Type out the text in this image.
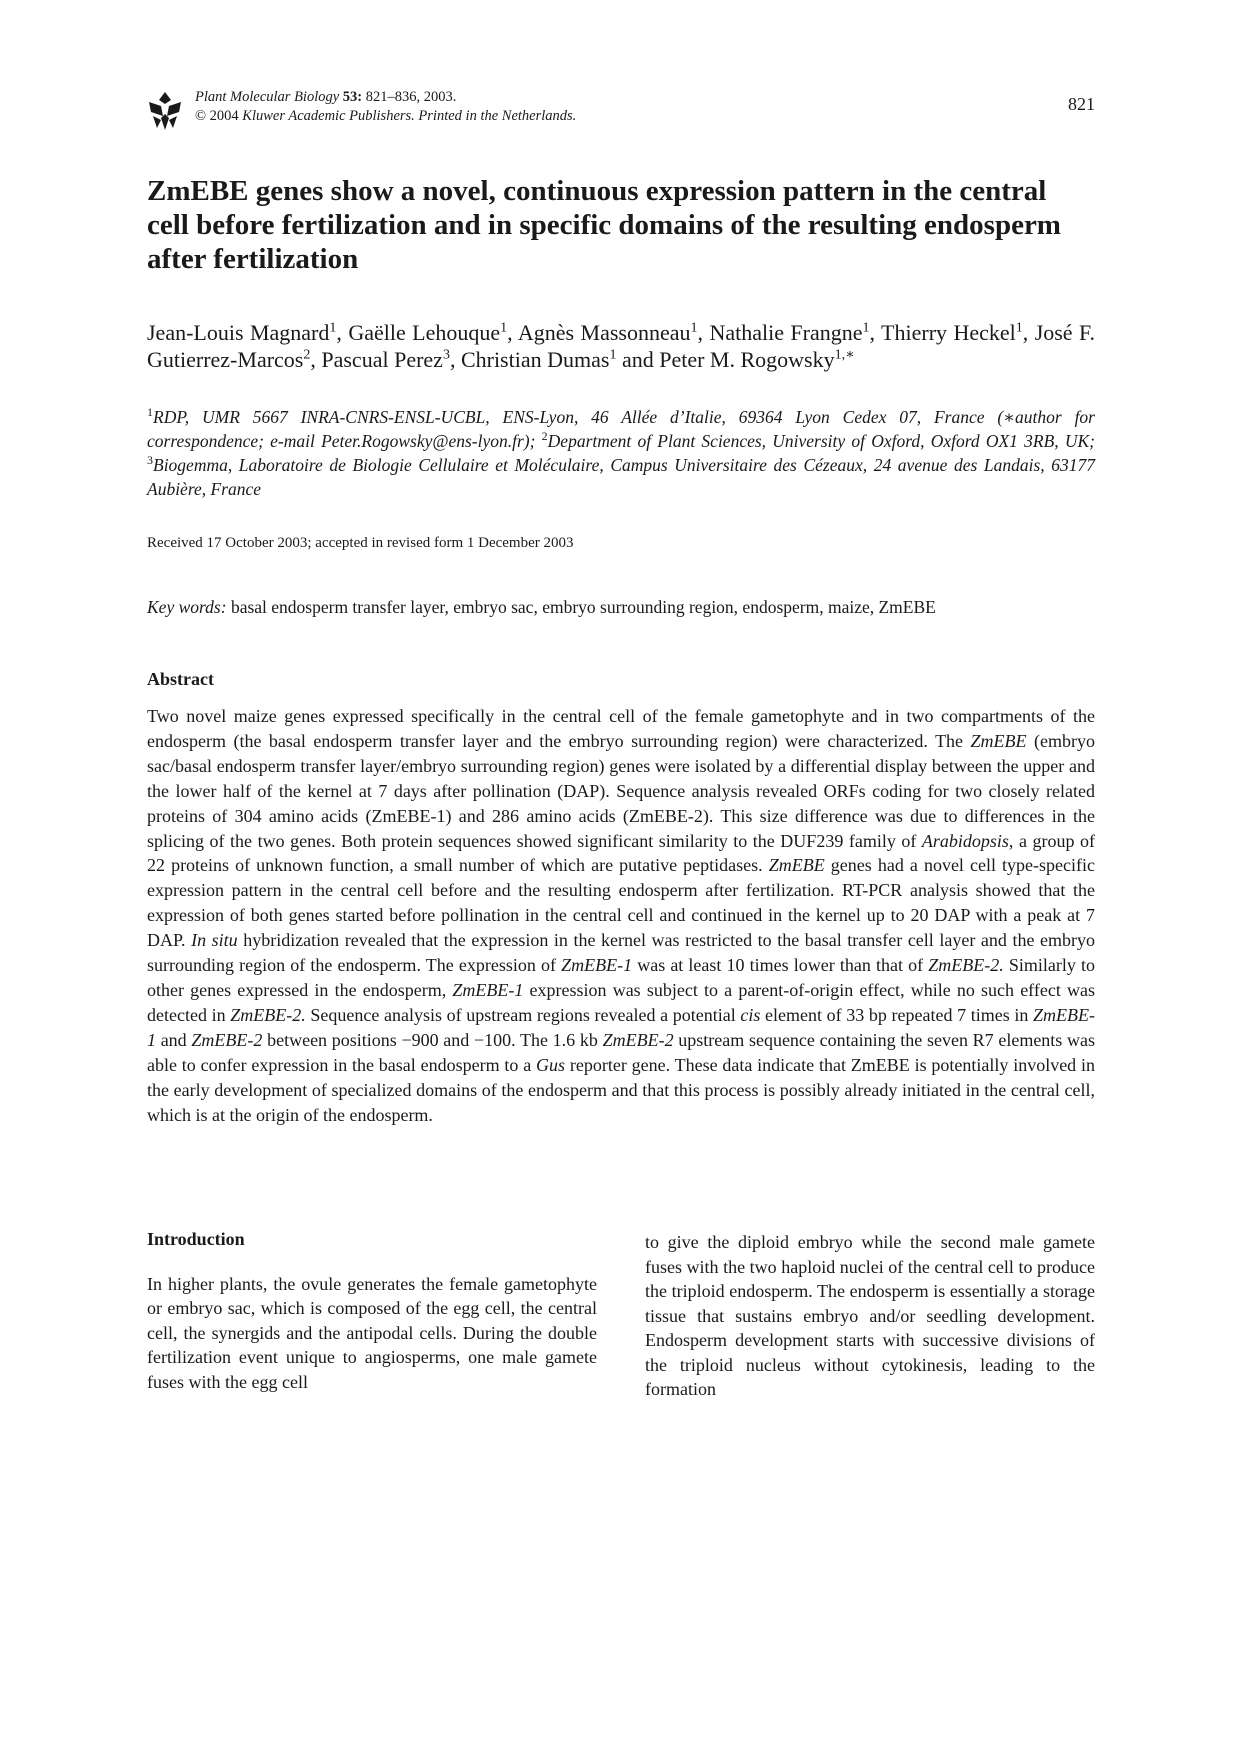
Plant Molecular Biology 53: 821–836, 2003.
© 2004 Kluwer Academic Publishers. Printed in the Netherlands.
821
ZmEBE genes show a novel, continuous expression pattern in the central cell before fertilization and in specific domains of the resulting endosperm after fertilization
Jean-Louis Magnard$^1$, Gaëlle Lehouque$^1$, Agnès Massonneau$^1$, Nathalie Frangne$^1$, Thierry Heckel$^1$, José F. Gutierrez-Marcos$^2$, Pascual Perez$^3$, Christian Dumas$^1$ and Peter M. Rogowsky$^{1,∗}$
$^1$RDP, UMR 5667 INRA-CNRS-ENSL-UCBL, ENS-Lyon, 46 Allée d’Italie, 69364 Lyon Cedex 07, France (∗author for correspondence; e-mail Peter.Rogowsky@ens-lyon.fr); $^2$Department of Plant Sciences, University of Oxford, Oxford OX1 3RB, UK; $^3$Biogemma, Laboratoire de Biologie Cellulaire et Moléculaire, Campus Universitaire des Cézeaux, 24 avenue des Landais, 63177 Aubière, France
Received 17 October 2003; accepted in revised form 1 December 2003
Key words: basal endosperm transfer layer, embryo sac, embryo surrounding region, endosperm, maize, ZmEBE
Abstract

Two novel maize genes expressed specifically in the central cell of the female gametophyte and in two compartments of the endosperm (the basal endosperm transfer layer and the embryo surrounding region) were characterized. The ZmEBE (embryo sac/basal endosperm transfer layer/embryo surrounding region) genes were isolated by a differential display between the upper and the lower half of the kernel at 7 days after pollination (DAP). Sequence analysis revealed ORFs coding for two closely related proteins of 304 amino acids (ZmEBE-1) and 286 amino acids (ZmEBE-2). This size difference was due to differences in the splicing of the two genes. Both protein sequences showed significant similarity to the DUF239 family of Arabidopsis, a group of 22 proteins of unknown function, a small number of which are putative peptidases. ZmEBE genes had a novel cell type-specific expression pattern in the central cell before and the resulting endosperm after fertilization. RT-PCR analysis showed that the expression of both genes started before pollination in the central cell and continued in the kernel up to 20 DAP with a peak at 7 DAP. In situ hybridization revealed that the expression in the kernel was restricted to the basal transfer cell layer and the embryo surrounding region of the endosperm. The expression of ZmEBE-1 was at least 10 times lower than that of ZmEBE-2. Similarly to other genes expressed in the endosperm, ZmEBE-1 expression was subject to a parent-of-origin effect, while no such effect was detected in ZmEBE-2. Sequence analysis of upstream regions revealed a potential cis element of 33 bp repeated 7 times in ZmEBE-1 and ZmEBE-2 between positions −900 and −100. The 1.6 kb ZmEBE-2 upstream sequence containing the seven R7 elements was able to confer expression in the basal endosperm to a Gus reporter gene. These data indicate that ZmEBE is potentially involved in the early development of specialized domains of the endosperm and that this process is possibly already initiated in the central cell, which is at the origin of the endosperm.

Introduction

In higher plants, the ovule generates the female gametophyte or embryo sac, which is composed of the egg cell, the central cell, the synergids and the antipodal cells. During the double fertilization event unique to angiosperms, one male gamete fuses with the egg cell

to give the diploid embryo while the second male gamete fuses with the two haploid nuclei of the central cell to produce the triploid endosperm. The endosperm is essentially a storage tissue that sustains embryo and/or seedling development. Endosperm development starts with successive divisions of the triploid nucleus without cytokinesis, leading to the formation
